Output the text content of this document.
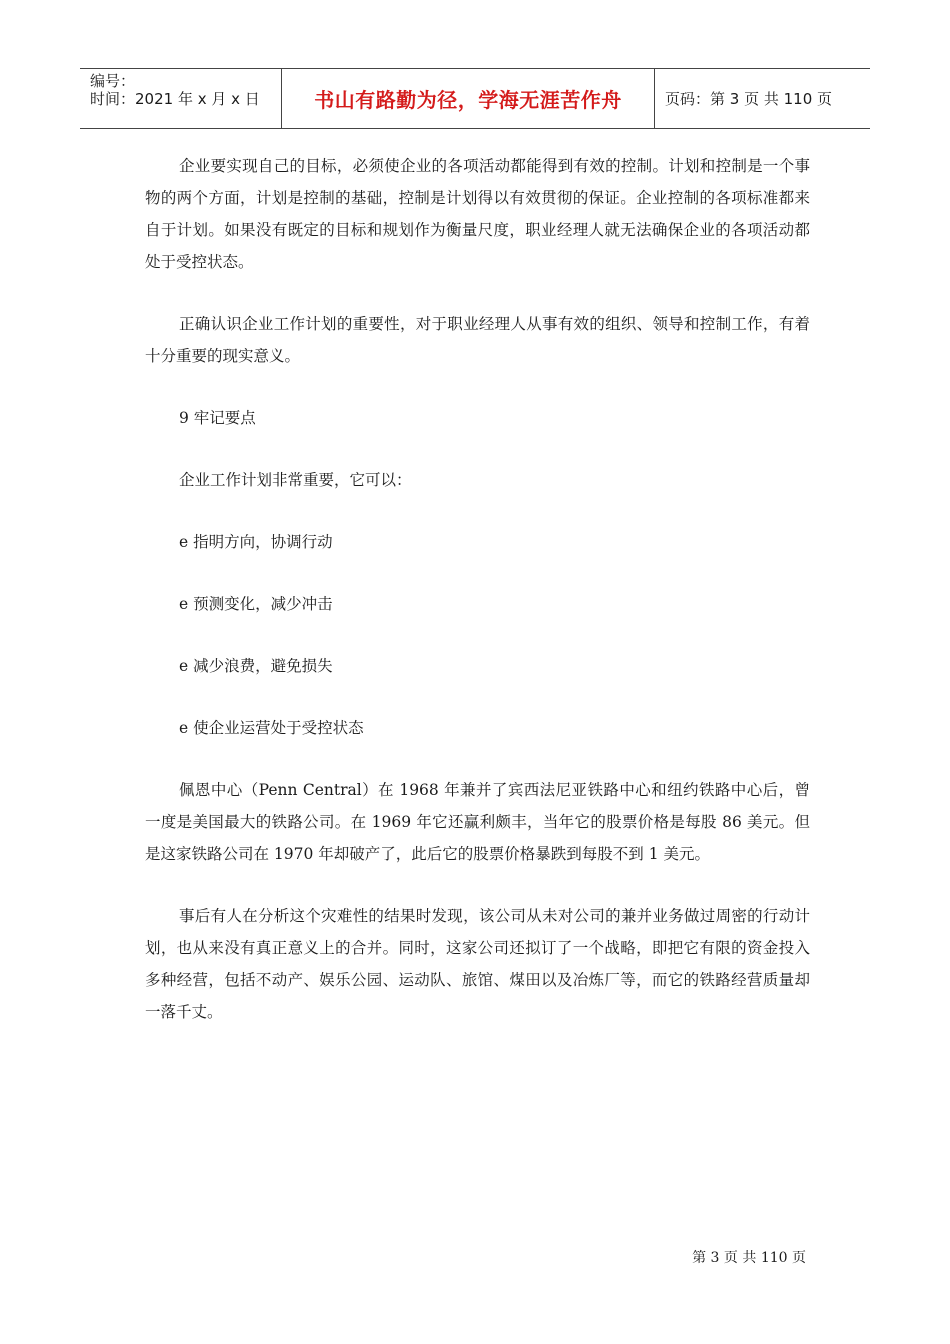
编号：
时间：2021 年 x 月 x 日	书山有路勤为径，学海无涯苦作舟	页码：第 3 页 共 110 页

企业要实现自己的目标，必须使企业的各项活动都能得到有效的控制。计划和控制是一个事物的两个方面，计划是控制的基础，控制是计划得以有效贯彻的保证。企业控制的各项标准都来自于计划。如果没有既定的目标和规划作为衡量尺度，职业经理人就无法确保企业的各项活动都处于受控状态。

正确认识企业工作计划的重要性，对于职业经理人从事有效的组织、领导和控制工作，有着十分重要的现实意义。

9 牢记要点

企业工作计划非常重要，它可以：

e 指明方向，协调行动

e 预测变化，减少冲击

e 减少浪费，避免损失

e 使企业运营处于受控状态

佩恩中心（Penn Central）在 1968 年兼并了宾西法尼亚铁路中心和纽约铁路中心后，曾一度是美国最大的铁路公司。在 1969 年它还赢利颇丰，当年它的股票价格是每股 86 美元。但是这家铁路公司在 1970 年却破产了，此后它的股票价格暴跌到每股不到 1 美元。

事后有人在分析这个灾难性的结果时发现，该公司从未对公司的兼并业务做过周密的行动计划，也从来没有真正意义上的合并。同时，这家公司还拟订了一个战略，即把它有限的资金投入多种经营，包括不动产、娱乐公园、运动队、旅馆、煤田以及冶炼厂等，而它的铁路经营质量却一落千丈。

第 3 页 共 110 页
